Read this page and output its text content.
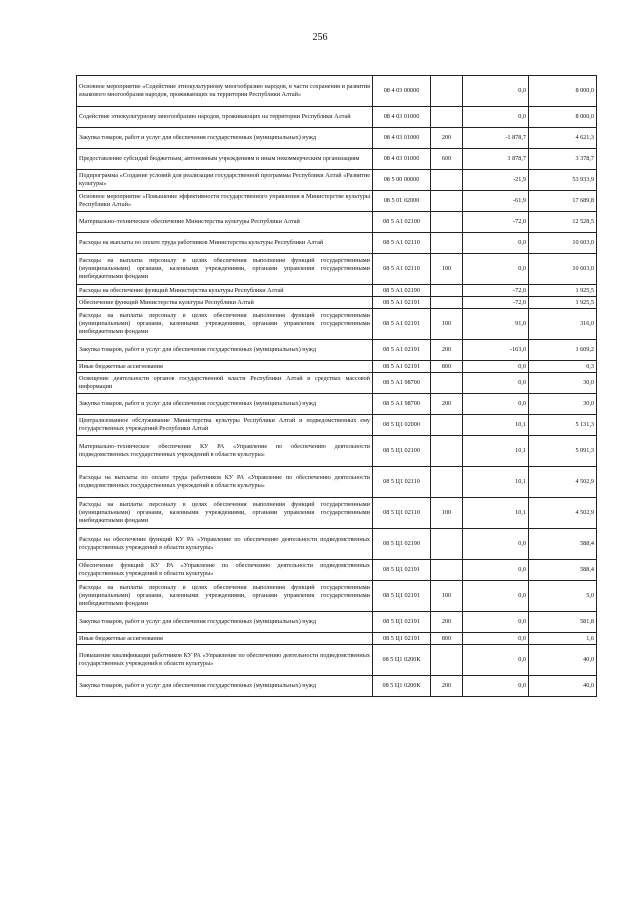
256
Основное мероприятие «Содействие этнокультурному многообразию народов, в части сохранения и развития языкового многообразия народов, проживающих на территории Республики Алтай»	08 4 03 00000		0,0	8 000,0
Содействие этнокультурному многообразию народов, проживающих на территории Республики Алтай	08 4 03 01000		0,0	8 000,0
Закупка товаров, работ и услуг для обеспечения государственных (муниципальных) нужд	08 4 03 01000	200	-1 878,7	4 621,3
Предоставление субсидий бюджетным, автономным учреждениям и иным некоммерческим организациям	08 4 03 01000	600	1 878,7	3 378,7
Подпрограмма «Создание условий для реализации государственной программы Республики Алтай «Развитие культуры»	08 5 00 00000		-21,9	53 933,9
Основное мероприятие «Повышение эффективности государственного управления в Министерстве культуры Республики Алтай»	08 5 01 02000		-61,9	17 689,8
Материально–техническое обеспечение Министерства культуры Республики Алтай	08 5 А1 02100		-72,0	12 528,5
Расходы на выплаты по оплате труда работников Министерства культуры Республики Алтай	08 5 А1 02110		0,0	10 603,0
Расходы на выплаты персоналу в целях обеспечения выполнения функций государственными (муниципальными) органами, казенными учреждениями, органами управления государственными внебюджетными фондами	08 5 А1 02110	100	0,0	10 603,0
Расходы на обеспечение функций Министерства культуры Республики Алтай	08 5 А1 02190		-72,0	1 925,5
Обеспечение функций Министерства культуры Республики Алтай	08 5 А1 02191		-72,0	1 925,5
Расходы на выплаты персоналу в целях обеспечения выполнения функций государственными (муниципальными) органами, казенными учреждениями, органами управления государственными внебюджетными фондами	08 5 А1 02191	100	91,0	316,0
Закупка товаров, работ и услуг для обеспечения государственных (муниципальных) нужд	08 5 А1 02191	200	-163,0	1 609,2
Иные бюджетные ассигнования	08 5 А1 02191	800	0,0	0,3
Освещение деятельности органов государственной власти Республики Алтай в средствах массовой информации	08 5 А1 98700		0,0	30,0
Закупка товаров, работ и услуг для обеспечения государственных (муниципальных) нужд	08 5 А1 98700	200	0,0	30,0
Централизованное обслуживание Министерства культуры Республики Алтай и подведомственных ему государственных учреждений Республики Алтай	08 5 Ц1 02000		10,1	5 131,3
Материально–техническое обеспечение КУ РА «Управление по обеспечению деятельности подведомственных государственных учреждений в области культуры»	08 5 Ц1 02100		10,1	5 091,3
Расходы на выплаты по оплате труда работников КУ РА «Управление по обеспечению деятельности подведомственных государственных учреждений в области культуры»	08 5 Ц1 02110		10,1	4 502,9
Расходы на выплаты персоналу в целях обеспечения выполнения функций государственными (муниципальными) органами, казенными учреждениями, органами управления государственными внебюджетными фондами	08 5 Ц1 02110	100	10,1	4 502,9
Расходы на обеспечение функций КУ РА «Управление по обеспечению деятельности подведомственных государственных учреждений в области культуры»	08 5 Ц1 02190		0,0	588,4
Обеспечение функций КУ РА «Управление по обеспечению деятельности подведомственных государственных учреждений в области культуры»	08 5 Ц1 02191		0,0	588,4
Расходы на выплаты персоналу в целях обеспечения выполнения функций государственными (муниципальными) органами, казенными учреждениями, органами управления государственными внебюджетными фондами	08 5 Ц1 02191	100	0,0	5,0
Закупка товаров, работ и услуг для обеспечения государственных (муниципальных) нужд	08 5 Ц1 02191	200	0,0	581,8
Иные бюджетные ассигнования	08 5 Ц1 02191	800	0,0	1,6
Повышение квалификации работников КУ РА «Управление по обеспечению деятельности подведомственных государственных учреждений в области культуры»	08 5 Ц1 0200К		0,0	40,0
Закупка товаров, работ и услуг для обеспечения государственных (муниципальных) нужд	08 5 Ц1 0200К	200	0,0	40,0
